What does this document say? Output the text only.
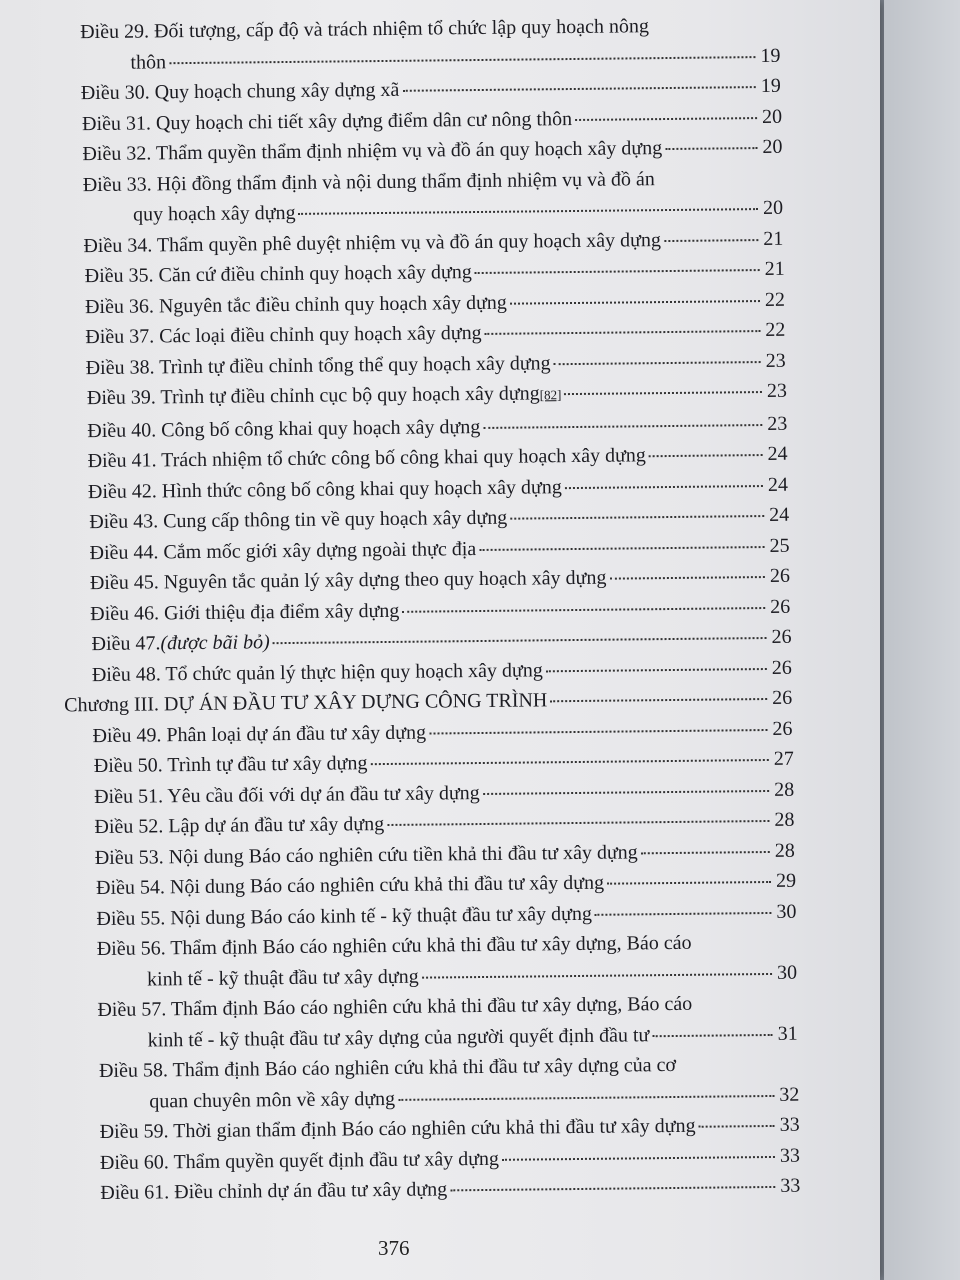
Điều 29. Đối tượng, cấp độ và trách nhiệm tổ chức lập quy hoạch nông
thôn	19
Điều 30. Quy hoạch chung xây dựng xã	19
Điều 31. Quy hoạch chi tiết xây dựng điểm dân cư nông thôn	20
Điều 32. Thẩm quyền thẩm định nhiệm vụ và đồ án quy hoạch xây dựng	20
Điều 33. Hội đồng thẩm định và nội dung thẩm định nhiệm vụ và đồ án
quy hoạch xây dựng	20
Điều 34. Thẩm quyền phê duyệt nhiệm vụ và đồ án quy hoạch xây dựng	21
Điều 35. Căn cứ điều chỉnh quy hoạch xây dựng	21
Điều 36. Nguyên tắc điều chỉnh quy hoạch xây dựng	22
Điều 37. Các loại điều chỉnh quy hoạch xây dựng	22
Điều 38. Trình tự điều chỉnh tổng thể quy hoạch xây dựng	23
Điều 39. Trình tự điều chỉnh cục bộ quy hoạch xây dựng [82]	23
Điều 40. Công bố công khai quy hoạch xây dựng	23
Điều 41. Trách nhiệm tổ chức công bố công khai quy hoạch xây dựng	24
Điều 42. Hình thức công bố công khai quy hoạch xây dựng	24
Điều 43. Cung cấp thông tin về quy hoạch xây dựng	24
Điều 44. Cắm mốc giới xây dựng ngoài thực địa	25
Điều 45. Nguyên tắc quản lý xây dựng theo quy hoạch xây dựng	26
Điều 46. Giới thiệu địa điểm xây dựng	26
Điều 47. (được bãi bỏ)	26
Điều 48. Tổ chức quản lý thực hiện quy hoạch xây dựng	26
Chương III. DỰ ÁN ĐẦU TƯ XÂY DỰNG CÔNG TRÌNH	26
Điều 49. Phân loại dự án đầu tư xây dựng	26
Điều 50. Trình tự đầu tư xây dựng	27
Điều 51. Yêu cầu đối với dự án đầu tư xây dựng	28
Điều 52. Lập dự án đầu tư xây dựng	28
Điều 53. Nội dung Báo cáo nghiên cứu tiền khả thi đầu tư xây dựng	28
Điều 54. Nội dung Báo cáo nghiên cứu khả thi đầu tư xây dựng	29
Điều 55. Nội dung Báo cáo kinh tế - kỹ thuật đầu tư xây dựng	30
Điều 56. Thẩm định Báo cáo nghiên cứu khả thi đầu tư xây dựng, Báo cáo
kinh tế - kỹ thuật đầu tư xây dựng	30
Điều 57. Thẩm định Báo cáo nghiên cứu khả thi đầu tư xây dựng, Báo cáo
kinh tế - kỹ thuật đầu tư xây dựng của người quyết định đầu tư	31
Điều 58. Thẩm định Báo cáo nghiên cứu khả thi đầu tư xây dựng của cơ
quan chuyên môn về xây dựng	32
Điều 59. Thời gian thẩm định Báo cáo nghiên cứu khả thi đầu tư xây dựng	33
Điều 60. Thẩm quyền quyết định đầu tư xây dựng	33
Điều 61. Điều chỉnh dự án đầu tư xây dựng	33
376
